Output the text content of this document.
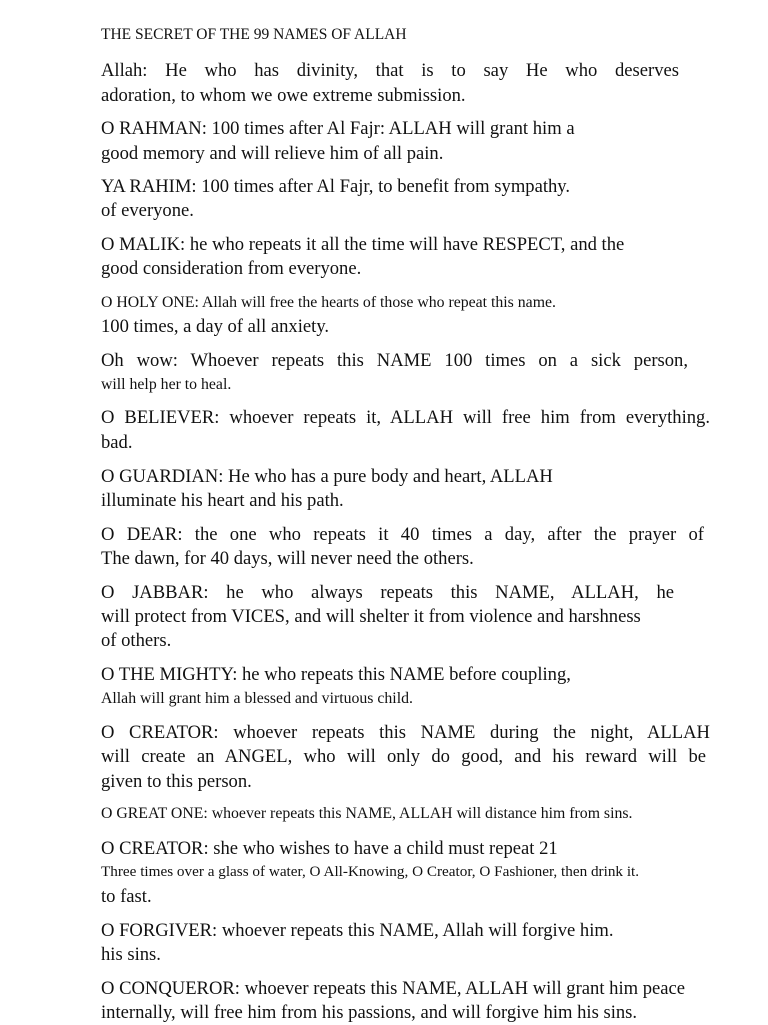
THE SECRET OF THE 99 NAMES OF ALLAH
Allah: He who has divinity, that is to say He who deserves
adoration, to whom we owe extreme submission.
O RAHMAN: 100 times after Al Fajr: ALLAH will grant him a
good memory and will relieve him of all pain.
YA RAHIM: 100 times after Al Fajr, to benefit from sympathy.
of everyone.
O MALIK: he who repeats it all the time will have RESPECT, and the
good consideration from everyone.
O HOLY ONE: Allah will free the hearts of those who repeat this name.
100 times, a day of all anxiety.
Oh wow: Whoever repeats this NAME 100 times on a sick person,
will help her to heal.
O BELIEVER: whoever repeats it, ALLAH will free him from everything.
bad.
O GUARDIAN: He who has a pure body and heart, ALLAH
illuminate his heart and his path.
O DEAR: the one who repeats it 40 times a day, after the prayer of
The dawn, for 40 days, will never need the others.
O JABBAR: he who always repeats this NAME, ALLAH, he
will protect from VICES, and will shelter it from violence and harshness
of others.
O THE MIGHTY: he who repeats this NAME before coupling,
Allah will grant him a blessed and virtuous child.
O CREATOR: whoever repeats this NAME during the night, ALLAH
will create an ANGEL, who will only do good, and his reward will be
given to this person.
O GREAT ONE: whoever repeats this NAME, ALLAH will distance him from sins.
O CREATOR: she who wishes to have a child must repeat 21
Three times over a glass of water, O All-Knowing, O Creator, O Fashioner, then drink it.
to fast.
O FORGIVER: whoever repeats this NAME, Allah will forgive him.
his sins.
O CONQUEROR: whoever repeats this NAME, ALLAH will grant him peace
internally, will free him from his passions, and will forgive him his sins.
